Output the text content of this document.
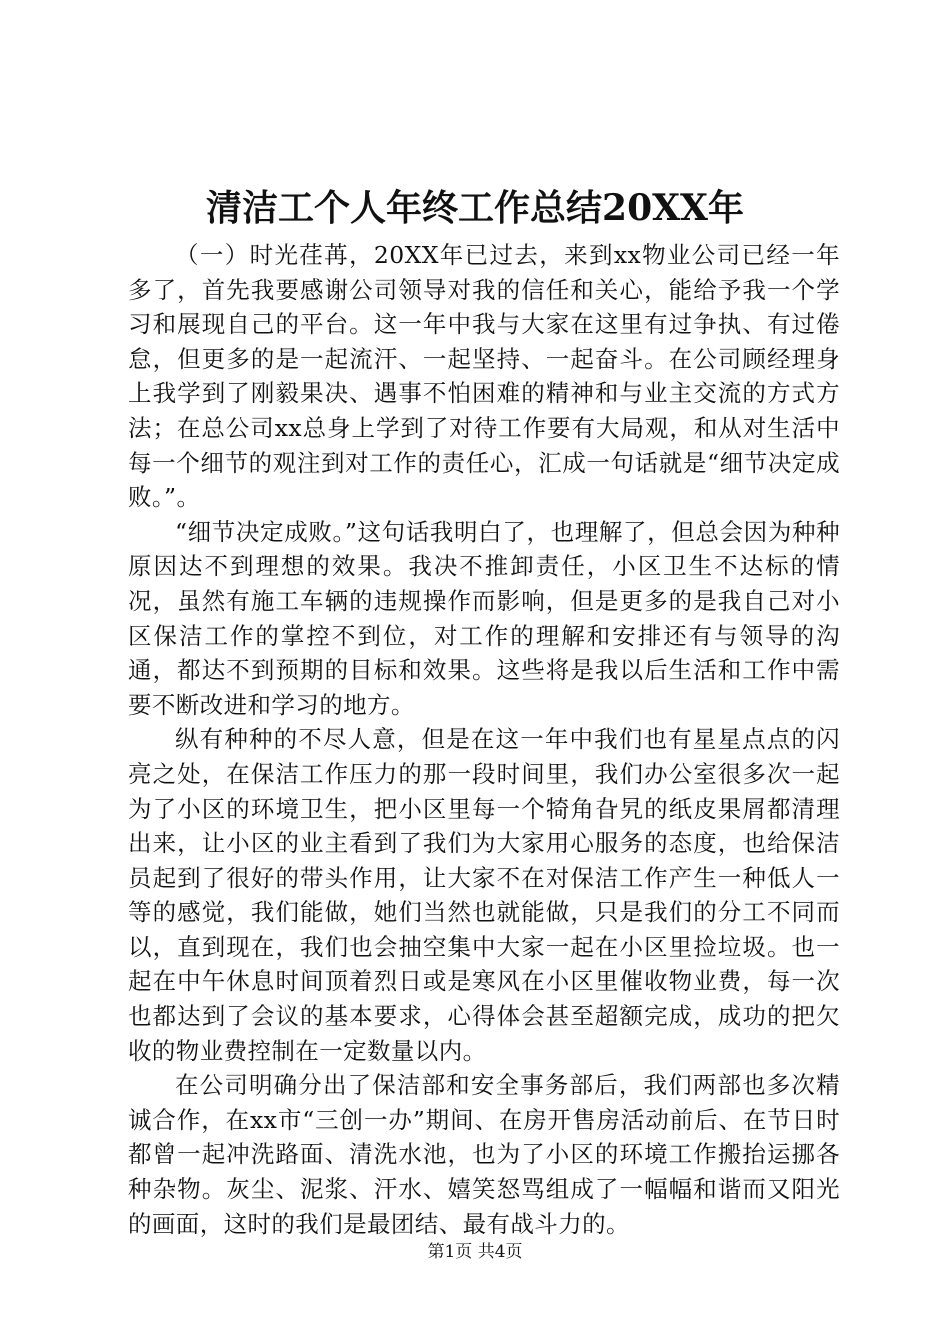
清洁工个人年终工作总结20XX年

（一）时光荏苒，20XX年已过去，来到xx物业公司已经一年多了，首先我要感谢公司领导对我的信任和关心，能给予我一个学习和展现自己的平台。这一年中我与大家在这里有过争执、有过倦怠，但更多的是一起流汗、一起坚持、一起奋斗。在公司顾经理身上我学到了刚毅果决、遇事不怕困难的精神和与业主交流的方式方法；在总公司xx总身上学到了对待工作要有大局观，和从对生活中每一个细节的观注到对工作的责任心，汇成一句话就是“细节决定成败。”。

“细节决定成败。”这句话我明白了，也理解了，但总会因为种种原因达不到理想的效果。我决不推卸责任，小区卫生不达标的情况，虽然有施工车辆的违规操作而影响，但是更多的是我自己对小区保洁工作的掌控不到位，对工作的理解和安排还有与领导的沟通，都达不到预期的目标和效果。这些将是我以后生活和工作中需要不断改进和学习的地方。

纵有种种的不尽人意，但是在这一年中我们也有星星点点的闪亮之处，在保洁工作压力的那一段时间里，我们办公室很多次一起为了小区的环境卫生，把小区里每一个犄角旮旯的纸皮果屑都清理出来，让小区的业主看到了我们为大家用心服务的态度，也给保洁员起到了很好的带头作用，让大家不在对保洁工作产生一种低人一等的感觉，我们能做，她们当然也就能做，只是我们的分工不同而以，直到现在，我们也会抽空集中大家一起在小区里捡垃圾。也一起在中午休息时间顶着烈日或是寒风在小区里催收物业费，每一次也都达到了会议的基本要求，心得体会甚至超额完成，成功的把欠收的物业费控制在一定数量以内。

在公司明确分出了保洁部和安全事务部后，我们两部也多次精诚合作，在xx市“三创一办”期间、在房开售房活动前后、在节日时都曾一起冲洗路面、清洗水池，也为了小区的环境工作搬抬运挪各种杂物。灰尘、泥浆、汗水、嬉笑怒骂组成了一幅幅和谐而又阳光的画面，这时的我们是最团结、最有战斗力的。

第1页 共4页
